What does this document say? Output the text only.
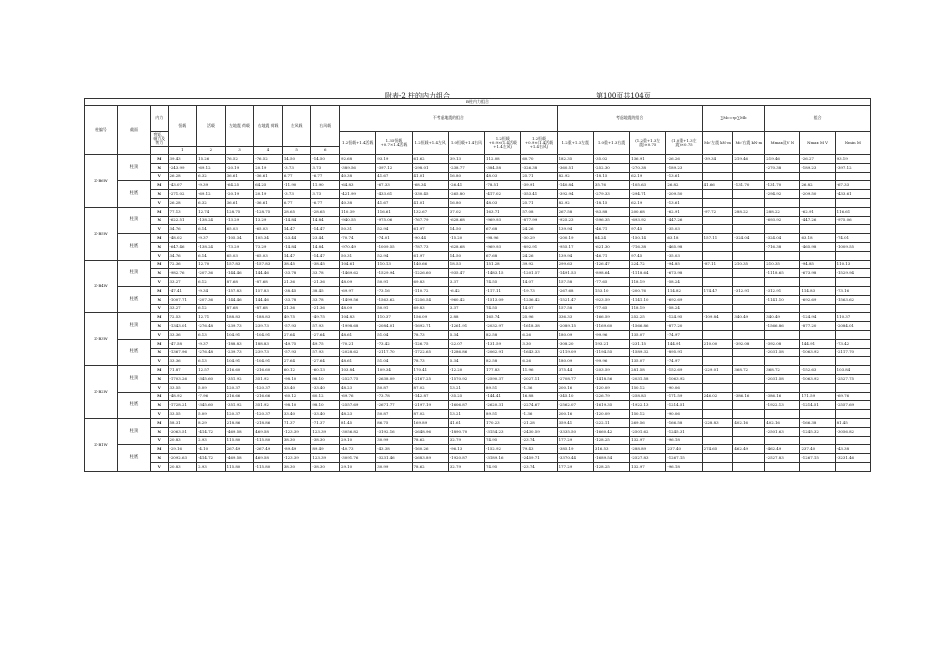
附表-2 柱的内力组合	第100页共104页
B柱内力组合																							
柱编号	截面	内力	恒载	活载	左地震 荷载	右地震 荷载	左风载	右风载	不考虑地震的组合						考虑地震的组合				∑Mc=ηc∑Mb		组合		
		弯矩、轴力及剪力							1.2恒载+1.4活载	1.35恒载+0.7×1.4活载	1.2恒载+1.4左风	1.0恒载+1.4右风	1.2恒载+0.9×(1.4活载+1.4左风)	1.2恒载+0.9×(1.4活载+1.4右风)	1.2重+1.3左震	1.0重+1.3右震	(1.2重+1.3左震)×0.75	(1.0重+1.3左震)×0.75	Mc′左震 kN·m	Mc′右震 kN·m	Mmax及V N	Nmax M V	Nmin M
			1	2	3	4	5	6															
Z-B6W	柱顶	M	39.43	15.26	76.52	-76.52	14.50	-14.50	92.68	93.19	61.62	39.13	112.08	60.70	182.35	-35.02	136.91	-26.26	-39.34	219.46	219.46	-26.27	93.19
		N	-243.99	-69.12	-20.19	20.19	-3.73	3.73	-389.56	-397.12	-298.01	-238.77	-384.58	-326.38	-360.51	-252.30	-270.38	-189.23			-270.38	-189.23	-397.12
		V	26.28	6.32	36.61	-36.61	6.77	-6.77	40.38	41.67	41.01	16.80	48.03	25.71	82.92	-18.15	62.19	-13.61					
	柱底	M	-43.07	-9.39	-64.25	64.25	-11.90	11.90	-64.83	-67.33	-68.34	-26.41	-78.51	-39.91	-140.84	35.76	-105.63	26.82	41.66	-131.70	-131.70	26.82	-67.33
		N	-271.02	-69.12	-20.19	20.19	-3.73	3.73	-421.99	-433.61	-330.45	-265.80	-417.02	-353.41	-392.94	-279.33	-294.71	-209.50			-294.92	-209.50	-433.61
		V	26.28	6.32	36.61	-36.61	6.77	-6.77	40.38	41.67	41.01	16.80	48.03	25.71	82.92	-18.15	62.19	-13.61					
Z-B5W	柱顶	M	77.13	12.74	128.75	-128.75	28.65	-28.65	110.39	116.61	132.67	37.02	163.71	57.08	267.58	-83.88	200.68	-62.91	-97.72	288.22	288.22	-62.91	116.61
		N	-622.51	-138.24	-13.29	13.29	-14.84	14.84	-940.55	-975.06	-767.79	-628.68	-969.93	-877.99	-925.23	-596.35	-693.92	-447.26			-693.92	-447.26	-975.06
		V	34.76	6.14	65.03	-65.03	14.47	-14.47	50.31	52.94	61.97	14.50	67.68	24.26	139.94	-46.71	97.45	-35.03					
	柱底	M	-48.02	-9.37	-105.34	105.34	-23.44	23.44	-70.74	-74.01	-90.44	-15.20	-98.96	-30.29	-200.19	84.24	-150.14	63.18	157.11	-324.04	-324.04	63.18	-74.01
		N	-647.46	-138.24	-73.29	73.29	-14.84	14.84	-970.49	-1009.55	-787.73	-628.68	-969.93	-892.91	-955.17	-621.30	-716.38	-465.98			-716.38	-465.98	-1009.55
		V	34.76	6.14	65.03	-65.03	14.47	-14.47	50.31	52.94	61.97	14.50	67.68	24.26	139.94	-46.71	97.45	-35.03					
Z-B4W	柱顶	M	72.36	12.70	157.83	-157.83	38.45	-38.45	104.61	110.13	140.66	18.53	151.28	39.92	299.63	-126.47	224.72	-94.85	-87.11	210.35	210.35	-94.85	110.13
		N	-982.76	-207.36	-144.46	144.46	-33.78	33.78	-1469.62	-1529.94	-1226.60	-935.47	-1483.15	-1201.57	-1491.53	-898.64	-1118.64	-673.98			-1118.65	-673.98	-1529.94
		V	33.27	6.12	87.68	-87.68	21.36	-21.36	48.09	50.91	69.83	3.37	74.55	14.07	157.58	-77.65	118.19	-58.24					
	柱底	M	-47.41	-9.34	-157.83	157.83	-38.45	38.45	-69.97	-73.16	-110.72	-6.42	-117.11	-19.73	-267.68	153.10	-200.76	114.82	174.47	-312.91	-312.91	114.83	-73.16
		N	-1007.71	-207.36	-144.46	144.46	-33.78	33.78	-1499.56	-1563.62	-1256.54	-960.42	-1513.09	-1236.42	-1521.47	-923.59	-1141.10	-692.69			-1141.10	-692.69	-1563.62
		V	33.27	6.12	87.68	-87.68	21.36	-21.36	48.09	50.91	69.83	3.37	74.55	14.07	157.58	-77.65	118.19	-58.24					
Z-B3W	柱顶	M	72.53	12.71	188.83	-188.83	49.75	-49.75	104.83	110.37	156.09	2.88	165.74	25.96	336.33	-166.59	252.25	-124.95	-109.84	340.49	340.49	-124.94	110.37
		N	-1343.01	-276.48	-239.73	239.73	-57.93	57.93	-1998.68	-2084.01	-1692.71	-1261.91	-2032.97	-1618.38	-2089.15	-1169.60	-1566.86	-877.20			-1566.86	-877.20	-2084.01
		V	33.36	6.13	104.91	-104.91	27.64	-27.64	48.61	51.04	78.73	5.34	82.58	6.26	180.09	-99.96	135.07	-74.97					
	柱底	M	-47.58	-9.37	-188.83	188.83	-49.75	49.75	-70.21	-73.42	-126.75	-22.07	-131.59	3.30	-308.20	193.21	-231.15	144.91	210.00	-392.08	-392.08	144.91	-73.42
		N	-1367.96	-276.48	-239.73	239.73	-57.93	57.93	-2028.62	-2117.70	-1722.65	-1286.86	-2062.91	-1643.33	-2119.09	-1194.55	-1589.32	-895.91			-2031.58	-1063.92	-2117.70
		V	33.36	6.13	104.91	-104.91	27.64	-27.64	48.61	51.04	78.73	5.34	82.58	6.26	180.09	-99.96	135.07	-74.97					
Z-B2W	柱顶	M	71.87	12.57	216.60	-216.60	60.12	-60.13	103.84	109.34	170.41	-12.20	177.83	11.96	375.44	-203.59	281.58	-152.69	-229.01	368.72	368.72	-152.63	103.84
		N	-1703.26	-345.60	-351.92	351.92	-98.10	98.10	-2527.75	-2638.09	-2167.25	-1570.92	-2590.37	-2027.11	-2708.77	-1418.56	-2031.58	-1063.92			-2031.58	-1063.92	-2527.75
		V	33.55	5.09	120.37	-120.37	33.40	-33.40	48.23	50.87	87.02	13.21	89.51	-1.36	200.16	-120.09	150.12	-90.06					
	柱底	M	-48.92	-7.96	216.66	-216.66	-60.12	60.12	-69.76	-73.78	-142.87	-35.25	-144.41	16.88	-345.10	-226.79	-258.83	-171.59	246.02	-386.16	-386.16	171.59	-69.76
		N	-1728.21	-345.60	-351.92	351.92	-98.10	98.10	-2557.69	-2671.77	-2197.19	-1606.87	-2620.31	-2274.67	-2562.07	-1619.35	-1922.13	-1214.51			-1922.13	-1214.51	-2557.69
		V	33.55	5.09	120.37	-120.37	33.40	-33.40	48.23	50.87	87.02	13.21	89.51	-1.36	200.16	-120.09	150.12	-90.06					
Z-B1W	柱顶	M	58.31	8.29	218.86	-218.86	71.37	-71.37	81.45	86.75	169.89	41.61	170.23	-21.28	359.41	-222.11	269.56	-166.58	-228.83	402.16	402.16	-166.38	81.45
		N	-2063.51	-414.72	-469.58	469.58	-123.39	123.39	-3056.82	-3192.16	-2648.96	-1890.70	-3154.23	-2430.59	-3335.50	-1660.42	-2501.62	-1245.31			-2501.63	-1245.32	-3056.82
		V	20.83	2.93	115.80	-115.80	38.30	-38.30	29.10	30.99	78.62	32.79	74.95	-23.74	177.29	-128.25	132.97	-96.18					
	柱底	M	-29.16	-4.10	267.49	-267.49	-89.49	89.49	-40.73	-43.38	-160.26	-96.13	-152.92	79.43	-385.19	316.53	-288.89	237.40	274.65	462.49	-462.49	237.40	-43.38
		N	-2092.63	-414.72	-469.58	469.58	-123.39	123.39	-3091.76	-3231.46	-2683.89	-1920.87	-3189.16	-2459.71	-3370.44	-1689.54	-2527.83	-1267.15			-2527.83	-1267.15	-3231.46
		V	20.83	2.93	115.80	-115.80	38.30	-38.30	29.10	30.99	78.62	32.79	74.95	-23.74	177.29	-128.25	132.97	-96.18					
